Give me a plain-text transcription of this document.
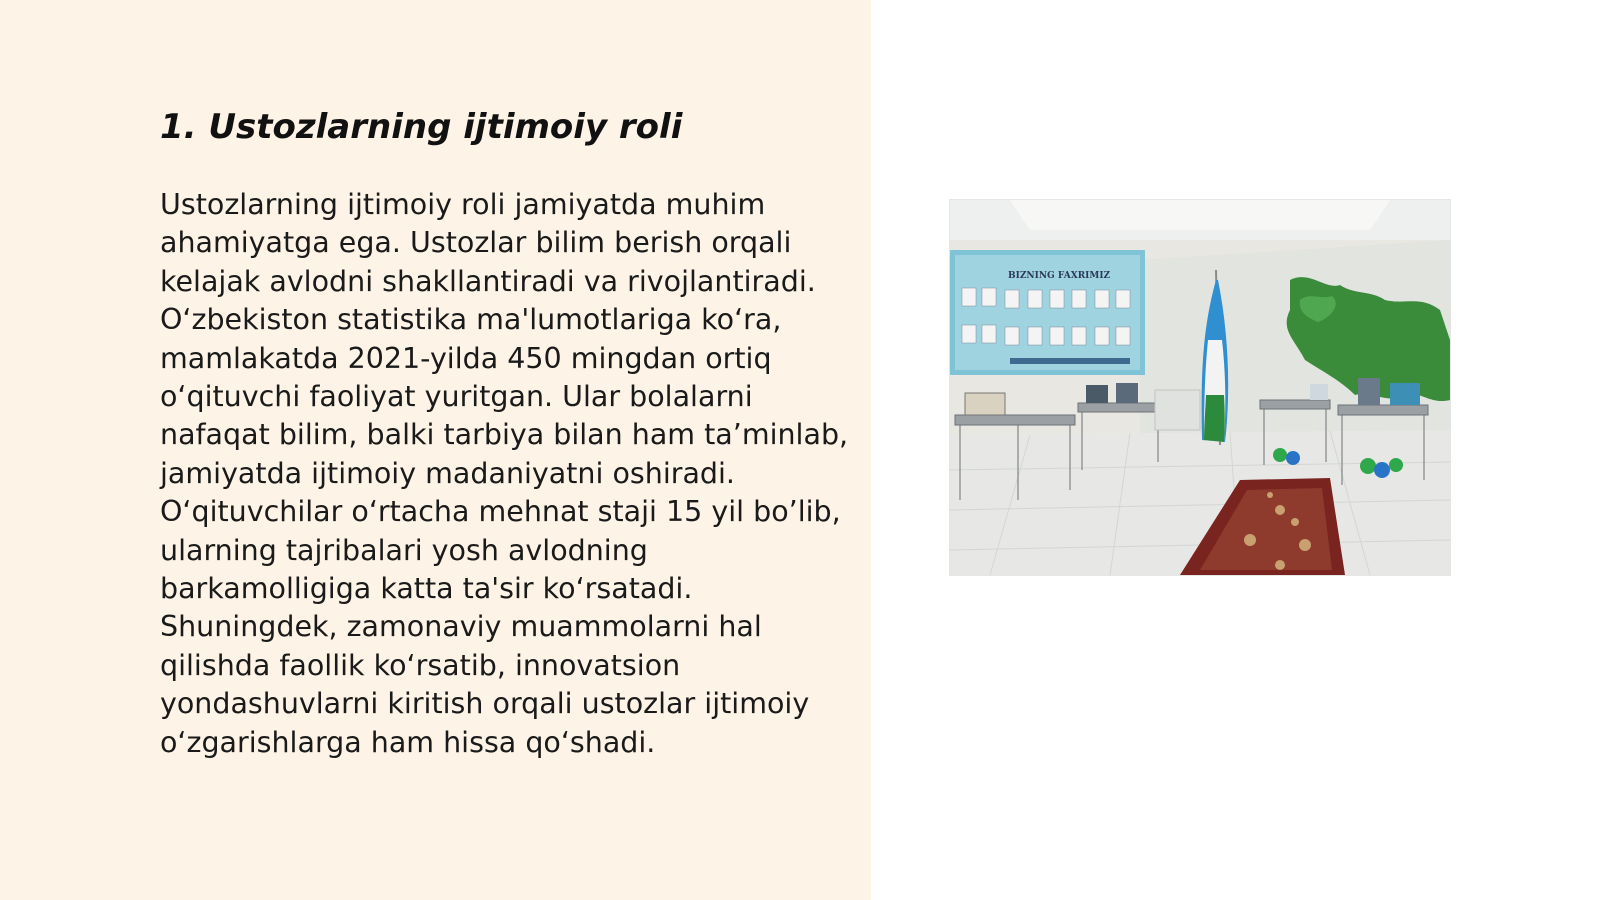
1. Ustozlarning ijtimoiy roli

Ustozlarning ijtimoiy roli jamiyatda muhim ahamiyatga ega. Ustozlar bilim berish orqali kelajak avlodni shakllantiradi va rivojlantiradi. O‘zbekiston statistika ma'lumotlariga ko‘ra, mamlakatda 2021-yilda 450 mingdan ortiq o‘qituvchi faoliyat yuritgan. Ular bolalarni nafaqat bilim, balki tarbiya bilan ham ta’minlab, jamiyatda ijtimoiy madaniyatni oshiradi. O‘qituvchilar o‘rtacha mehnat staji 15 yil bo’lib, ularning tajribalari yosh avlodning barkamolligiga katta ta'sir ko‘rsatadi. Shuningdek, zamonaviy muammolarni hal qilishda faollik ko‘rsatib, innovatsion yondashuvlarni kiritish orqali ustozlar ijtimoiy o‘zgarishlarga ham hissa qo‘shadi.

BIZNING FAXRIMIZ
